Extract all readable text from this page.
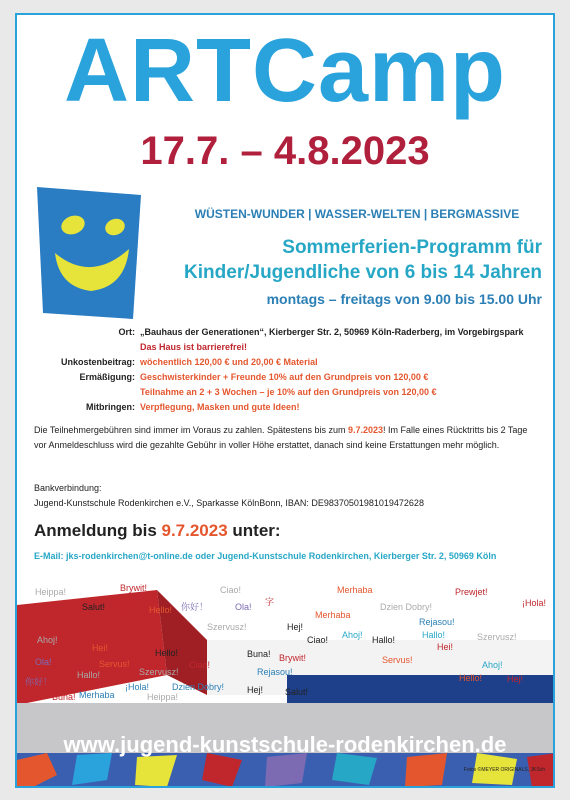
ARTCamp
17.7. – 4.8.2023
WÜSTEN-WUNDER | WASSER-WELTEN | BERGMASSIVE
Sommerferien-Programm für
Kinder/Jugendliche von 6 bis 14 Jahren
montags – freitags von 9.00 bis 15.00 Uhr
Ort: „Bauhaus der Generationen“, Kierberger Str. 2, 50969 Köln-Raderberg, im Vorgebirgspark
Das Haus ist barrierefrei!
Unkostenbeitrag: wöchentlich 120,00 € und 20,00 € Material
Ermäßigung: Geschwisterkinder + Freunde 10% auf den Grundpreis von 120,00 €
Teilnahme an 2 + 3 Wochen – je 10% auf den Grundpreis von 120,00 €
Mitbringen: Verpflegung, Masken und gute Ideen!
Die Teilnehmergebühren sind immer im Voraus zu zahlen. Spätestens bis zum 9.7.2023! Im Falle eines Rücktritts bis 2 Tage vor Anmeldeschluss wird die gezahlte Gebühr in voller Höhe erstattet, danach sind keine Erstattungen mehr möglich.
Bankverbindung:
Jugend-Kunstschule Rodenkirchen e.V., Sparkasse KölnBonn, IBAN: DE98370501981019472628
Anmeldung bis 9.7.2023 unter:
E-Mail: jks-rodenkirchen@t-online.de oder Jugend-Kunstschule Rodenkirchen, Kierberger Str. 2, 50969 Köln
Heippa!	Brywit!	Ciao!	Merhaba	Prewjet!
Salut! Hei! Hello! 你好！	Ola! 字	Dzien Dobry!	¡Hola!
Merhaba
Rejasou!
Szervusz!	Hej!
Hallo!	Szervusz!
Ahoj!	Ciao! Ahoj! Hallo!
Hei!	Hello!	Buna! Brywit!
Hei!
Ola!	Servus!
Szervusz!
Ciao!	Servus!	Ahoj!
Hallo!	Rejasou!
Hello!	Hej!
你好！	¡Hola!	Dzien Dobry!	Hej!
Buna! Merhaba	Heippa!	Salut!
www.jugend-kunstschule-rodenkirchen.de
Fotos ©MEYER ORIGINALS, JKSch
